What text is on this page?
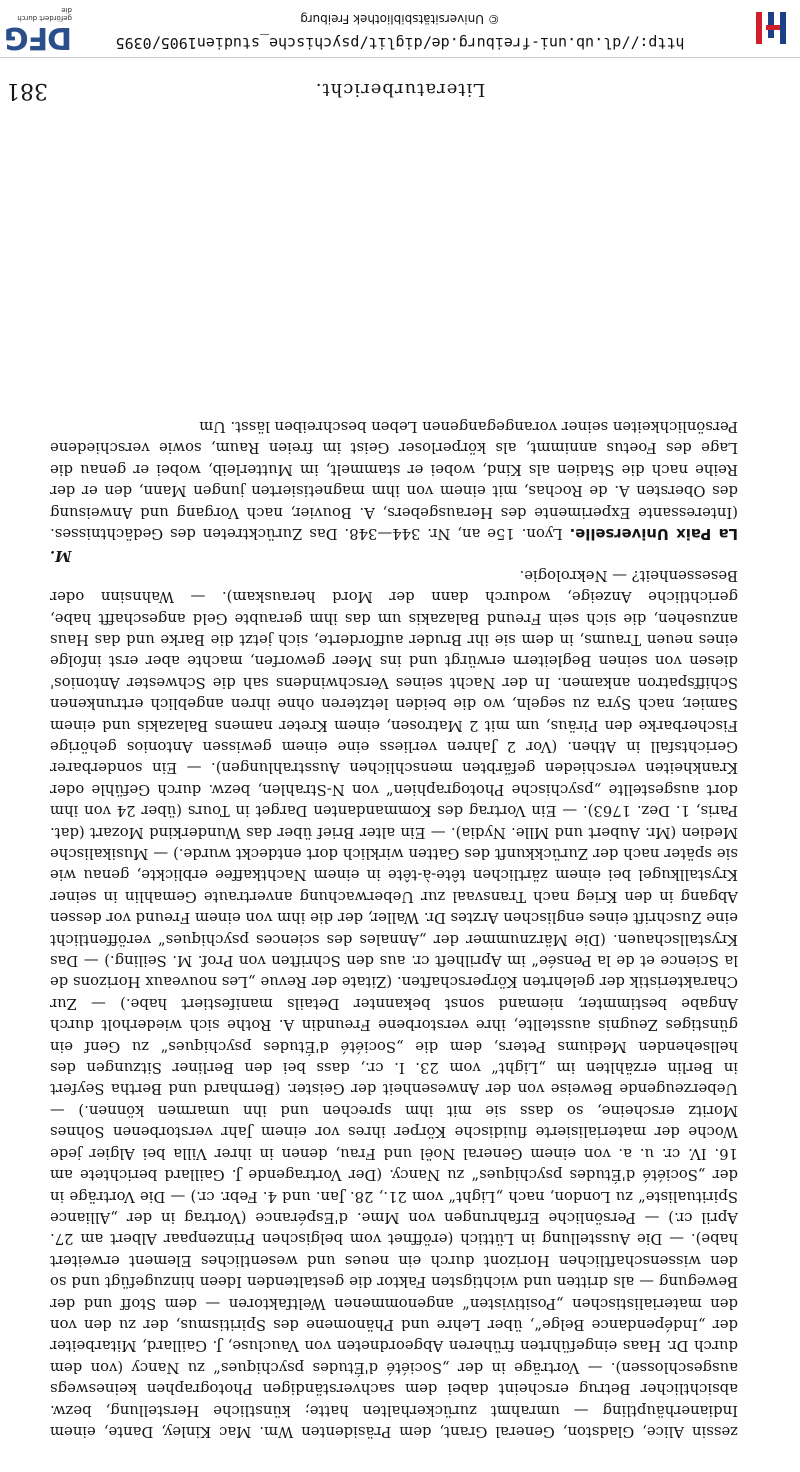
381	Literaturbericht.

zessin Alice, Gladston, General Grant, dem Präsidenten Wm. Mac Kinley, Dante, einem Indianerhäuptling — umrahmt zurückerhalten hatte; künstliche Herstellung, bezw. absichtlicher Betrug erscheint dabei dem sachverständigen Photographen keineswegs ausgeschlossen). — Vorträge in der „Société d'Études psychiques“ zu Nancy (von dem durch Dr. Haas eingeführten früheren Abgeordneten von Vaucluse, J. Gaillard, Mitarbeiter der „Indépendance Belge“, über Lehre und Phänomene des Spiritismus, der zu den von den materialistischen „Positivisten“ angenommenen Weltfaktoren — dem Stoff und der Bewegung — als dritten und wichtigsten Faktor die gestaltenden Ideen hinzugefügt und so den wissenschaftlichen Horizont durch ein neues und wesentliches Element erweitert habe). — Die Ausstellung in Lüttich (eröffnet vom belgischen Prinzenpaar Albert am 27. April cr.) — Persönliche Erfahrungen von Mme. d'Espérance (Vortrag in der „Alliance Spiritualiste“ zu London, nach „Light“ vom 21., 28. Jan. und 4. Febr. cr.) — Die Vorträge in der „Société d'Études psychiques“ zu Nancy. (Der Vortragende J. Gaillard berichtete am 16. IV. cr. u. a. von einem General Noël und Frau, denen in ihrer Villa bei Algier jede Woche der materialisierte fluidische Körper ihres vor einem Jahr verstorbenen Sohnes Moritz erscheine, so dass sie mit ihm sprechen und ihn umarmen können.) — Ueberzeugende Beweise von der Anwesenheit der Geister. (Bernhard und Bertha Seyfert in Berlin erzählten im „Light“ vom 23. I. cr., dass bei den Berliner Sitzungen des hellsehenden Mediums Peters, dem die „Société d'Études psychiques“ zu Genf ein günstiges Zeugnis ausstellte, ihre verstorbene Freundin A. Rothe sich wiederholt durch Angabe bestimmter, niemand sonst bekannter Details manifestiert habe.) — Zur Charakteristik der gelehrten Körperschaften. (Zitate der Revue „Les nouveaux Horizons de la Science et de la Pensée“ im Aprilheft cr. aus den Schriften von Prof. M. Seiling.) — Das Krystallschauen. (Die Märznummer der „Annales des sciences psychiques“ veröffentlicht eine Zuschrift eines englischen Arztes Dr. Waller, der die ihm von einem Freund vor dessen Abgang in den Krieg nach Transvaal zur Ueberwachung anvertraute Gemahlin in seiner Krystallkugel bei einem zärtlichen tête-à-tête in einem Nachtkaffee erblickte, genau wie sie später nach der Zurückkunft des Gatten wirklich dort entdeckt wurde.) — Musikalische Medien (Mr. Aubert und Mlle. Nydia). — Ein alter Brief über das Wunderkind Mozart (dat. Paris, 1. Dez. 1763). — Ein Vortrag des Kommandanten Darget in Tours (über 24 von ihm dort ausgestellte „psychische Photographien“ von N-Strahlen, bezw. durch Gefühle oder Krankheiten verschieden gefärbten menschlichen Ausstrahlungen). — Ein sonderbarer Gerichtsfall in Athen. (Vor 2 Jahren verliess eine einem gewissen Antonios gehörige Fischerbarke den Piräus, um mit 2 Matrosen, einem Kreter namens Balazakis und einem Samier, nach Syra zu segeln, wo die beiden letzteren ohne ihren angeblich ertrunkenen Schiffspatron ankamen. In der Nacht seines Verschwindens sah die Schwester Antonios' diesen von seinen Begleitern erwürgt und ins Meer geworfen, machte aber erst infolge eines neuen Traums, in dem sie ihr Bruder aufforderte, sich jetzt die Barke und das Haus anzusehen, die sich sein Freund Balazakis um das ihm geraubte Geld angeschafft habe, gerichtliche Anzeige, wodurch dann der Mord herauskam). — Wahnsinn oder Besessenheit? — Nekrologie.
M.

La Paix Universelle. Lyon. 15e an, Nr. 344—348. Das Zurücktreten des Gedächtnisses. (Interessante Experimente des Herausgebers, A. Bouvier, nach Vorgang und Anweisung des Obersten A. de Rochas, mit einem von ihm magnetisierten jungen Mann, den er der Reihe nach die Stadien als Kind, wobei er stammelt, im Mutterleib, wobei er genau die Lage des Foetus annimmt, als körperloser Geist im freien Raum, sowie verschiedene Persönlichkeiten seiner vorangegangenen Leben beschreiben lässt. Um

http://dl.ub.uni-freiburg.de/diglit/psychische_studien1905/0395
© Universitätsbibliothek Freiburg
DFG
gefördert durch die
